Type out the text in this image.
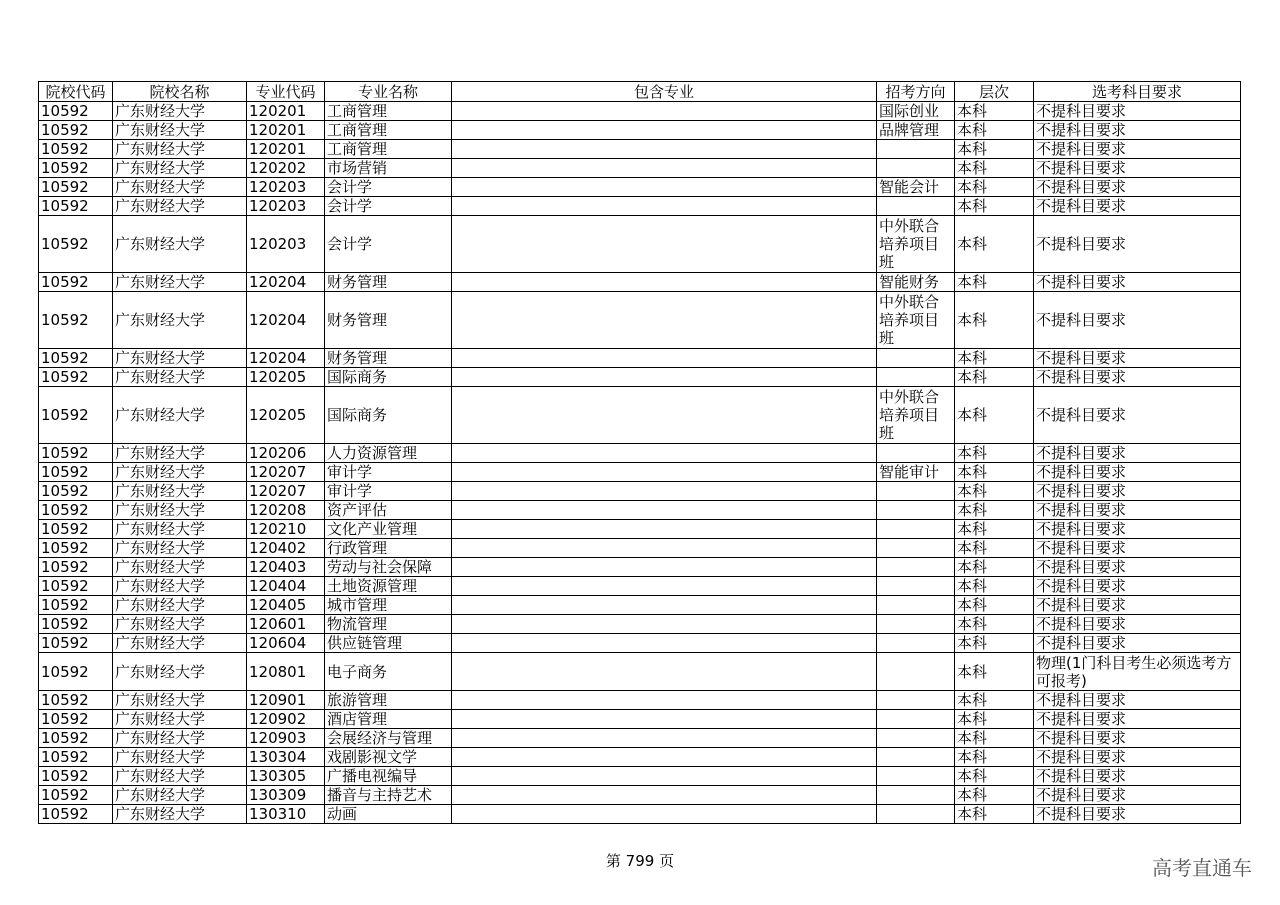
院校代码	院校名称	专业代码	专业名称	包含专业	招考方向	层次	选考科目要求
10592	广东财经大学	120201	工商管理		国际创业	本科	不提科目要求
10592	广东财经大学	120201	工商管理		品牌管理	本科	不提科目要求
10592	广东财经大学	120201	工商管理			本科	不提科目要求
10592	广东财经大学	120202	市场营销			本科	不提科目要求
10592	广东财经大学	120203	会计学		智能会计	本科	不提科目要求
10592	广东财经大学	120203	会计学			本科	不提科目要求
10592	广东财经大学	120203	会计学		中外联合培养项目班	本科	不提科目要求
10592	广东财经大学	120204	财务管理		智能财务	本科	不提科目要求
10592	广东财经大学	120204	财务管理		中外联合培养项目班	本科	不提科目要求
10592	广东财经大学	120204	财务管理			本科	不提科目要求
10592	广东财经大学	120205	国际商务			本科	不提科目要求
10592	广东财经大学	120205	国际商务		中外联合培养项目班	本科	不提科目要求
10592	广东财经大学	120206	人力资源管理			本科	不提科目要求
10592	广东财经大学	120207	审计学		智能审计	本科	不提科目要求
10592	广东财经大学	120207	审计学			本科	不提科目要求
10592	广东财经大学	120208	资产评估			本科	不提科目要求
10592	广东财经大学	120210	文化产业管理			本科	不提科目要求
10592	广东财经大学	120402	行政管理			本科	不提科目要求
10592	广东财经大学	120403	劳动与社会保障			本科	不提科目要求
10592	广东财经大学	120404	土地资源管理			本科	不提科目要求
10592	广东财经大学	120405	城市管理			本科	不提科目要求
10592	广东财经大学	120601	物流管理			本科	不提科目要求
10592	广东财经大学	120604	供应链管理			本科	不提科目要求
10592	广东财经大学	120801	电子商务			本科	物理(1门科目考生必须选考方可报考)
10592	广东财经大学	120901	旅游管理			本科	不提科目要求
10592	广东财经大学	120902	酒店管理			本科	不提科目要求
10592	广东财经大学	120903	会展经济与管理			本科	不提科目要求
10592	广东财经大学	130304	戏剧影视文学			本科	不提科目要求
10592	广东财经大学	130305	广播电视编导			本科	不提科目要求
10592	广东财经大学	130309	播音与主持艺术			本科	不提科目要求
10592	广东财经大学	130310	动画			本科	不提科目要求
第 799 页	高考直通车
